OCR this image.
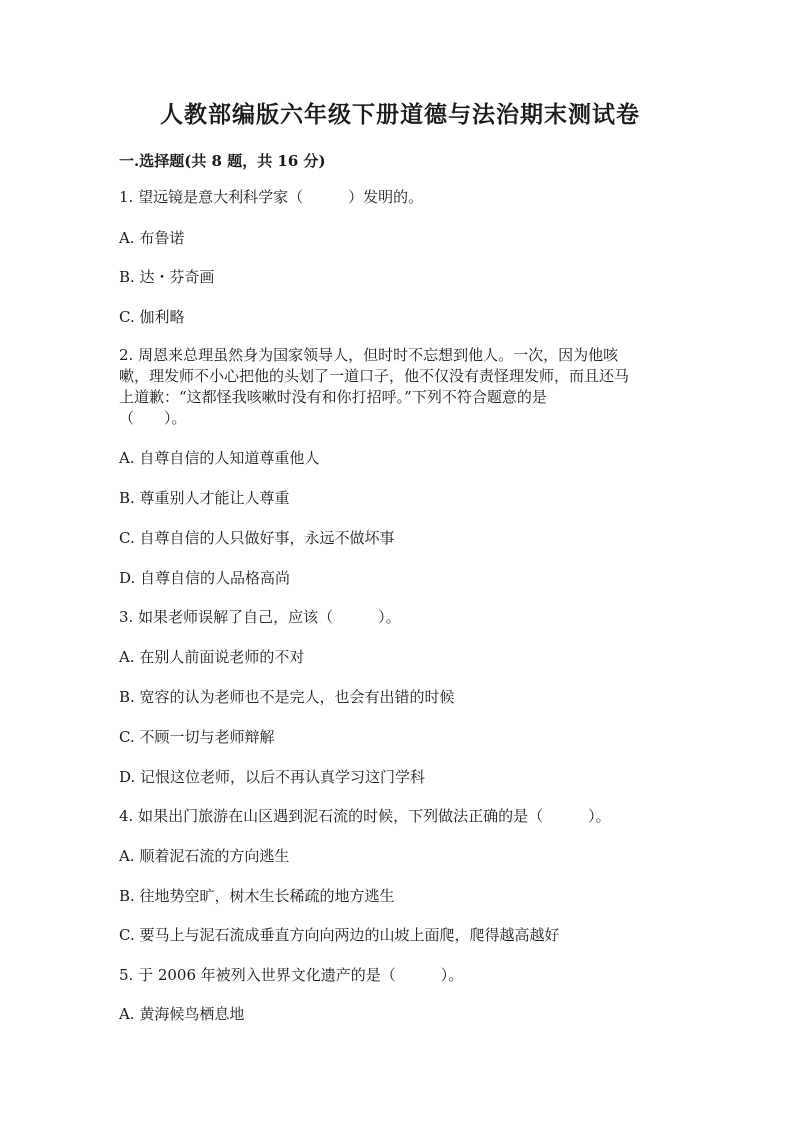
人教部编版六年级下册道德与法治期末测试卷
一.选择题(共 8 题，共 16 分)
1. 望远镜是意大利科学家（　　　）发明的。
A. 布鲁诺
B. 达・芬奇画
C. 伽利略
2. 周恩来总理虽然身为国家领导人，但时时不忘想到他人。一次，因为他咳
嗽，理发师不小心把他的头划了一道口子，他不仅没有责怪理发师，而且还马
上道歉：“这都怪我咳嗽时没有和你打招呼。”下列不符合题意的是
（　　）。
A. 自尊自信的人知道尊重他人
B. 尊重别人才能让人尊重
C. 自尊自信的人只做好事，永远不做坏事
D. 自尊自信的人品格高尚
3. 如果老师误解了自己，应该（　　　）。
A. 在别人前面说老师的不对
B. 宽容的认为老师也不是完人，也会有出错的时候
C. 不顾一切与老师辩解
D. 记恨这位老师，以后不再认真学习这门学科
4. 如果出门旅游在山区遇到泥石流的时候，下列做法正确的是（　　　）。
A. 顺着泥石流的方向逃生
B. 往地势空旷，树木生长稀疏的地方逃生
C. 要马上与泥石流成垂直方向向两边的山坡上面爬，爬得越高越好
5. 于 2006 年被列入世界文化遗产的是（　　　）。
A. 黄海候鸟栖息地
